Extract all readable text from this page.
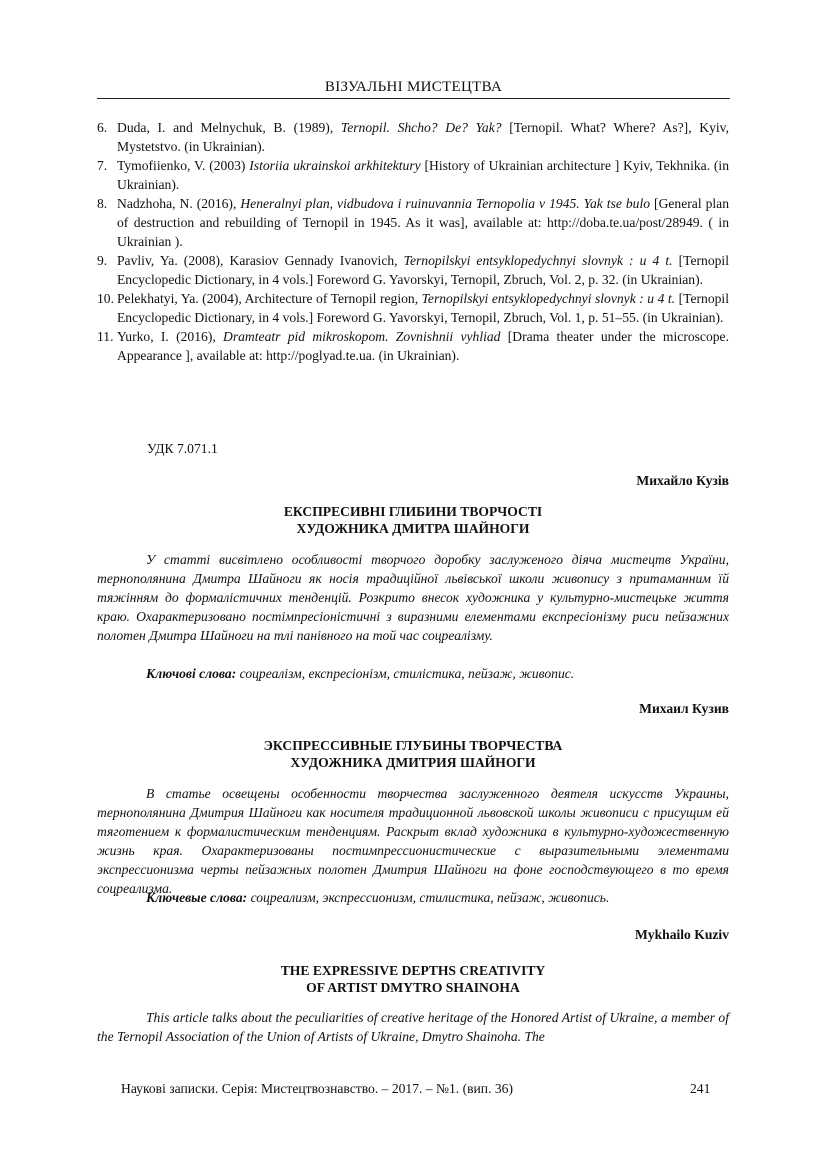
ВІЗУАЛЬНІ МИСТЕЦТВА
6. Duda, I. and Melnychuk, B. (1989), Ternopil. Shcho? De? Yak? [Ternopil. What? Where? As?], Kyiv, Mystetstvo. (in Ukrainian).
7. Tymofiienko, V. (2003) Istoriia ukrainskoi arkhitektury [History of Ukrainian architecture ] Kyiv, Tekhnika. (in Ukrainian).
8. Nadzhoha, N. (2016), Heneralnyi plan, vidbudova i ruinuvannia Ternopolia v 1945. Yak tse bulo [General plan of destruction and rebuilding of Ternopil in 1945. As it was], available at: http://doba.te.ua/post/28949. ( in Ukrainian ).
9. Pavliv, Ya. (2008), Karasiov Gennady Ivanovich, Ternopilskyi entsyklopedychnyi slovnyk : u 4 t. [Ternopil Encyclopedic Dictionary, in 4 vols.] Foreword G. Yavorskyi, Ternopil, Zbruch, Vol. 2, p. 32. (in Ukrainian).
10. Pelekhatyi, Ya. (2004), Architecture of Ternopil region, Ternopilskyi entsyklopedychnyi slovnyk : u 4 t. [Ternopil Encyclopedic Dictionary, in 4 vols.] Foreword G. Yavorskyi, Ternopil, Zbruch, Vol. 1, p. 51–55. (in Ukrainian).
11. Yurko, I. (2016), Dramteatr pid mikroskopom. Zovnishnii vyhliad [Drama theater under the microscope. Appearance ], available at: http://poglyad.te.ua. (in Ukrainian).
УДК 7.071.1
Михайло Кузів
ЕКСПРЕСИВНІ ГЛИБИНИ ТВОРЧОСТІ
ХУДОЖНИКА ДМИТРА ШАЙНОГИ

У статті висвітлено особливості творчого доробку заслуженого діяча мистецтв України, тернополянина Дмитра Шайноги як носія традиційної львівської школи живопису з притаманним їй тяжінням до формалістичних тенденцій. Розкрито внесок художника у культурно-мистецьке життя краю. Охарактеризовано постімпресіоністичні з виразними елементами експресіонізму риси пейзажних полотен Дмитра Шайноги на тлі панівного на той час соцреалізму.

Ключові слова: соцреалізм, експресіонізм, стилістика, пейзаж, живопис.

Михаил Кузив
ЭКСПРЕССИВНЫЕ ГЛУБИНЫ ТВОРЧЕСТВА
ХУДОЖНИКА ДМИТРИЯ ШАЙНОГИ

В статье освещены особенности творчества заслуженного деятеля искусств Украины, тернополянина Дмитрия Шайноги как носителя традиционной львовской школы живописи с присущим ей тяготением к формалистическим тенденциям. Раскрыт вклад художника в культурно-художественную жизнь края. Охарактеризованы постимпрессионистические с выразительными элементами экспрессионизма черты пейзажных полотен Дмитрия Шайноги на фоне господствующего в то время соцреализма.

Ключевые слова: соцреализм, экспрессионизм, стилистика, пейзаж, живопись.

Mykhailo Kuziv
THE EXPRESSIVE DEPTHS CREATIVITY
OF ARTIST DMYTRO SHAINOHA

This article talks about the peculiarities of creative heritage of the Honored Artist of Ukraine, a member of the Ternopil Association of the Union of Artists of Ukraine, Dmytro Shainoha. The

Наукові записки. Серія: Мистецтвознавство. – 2017. – №1. (вип. 36)	241
